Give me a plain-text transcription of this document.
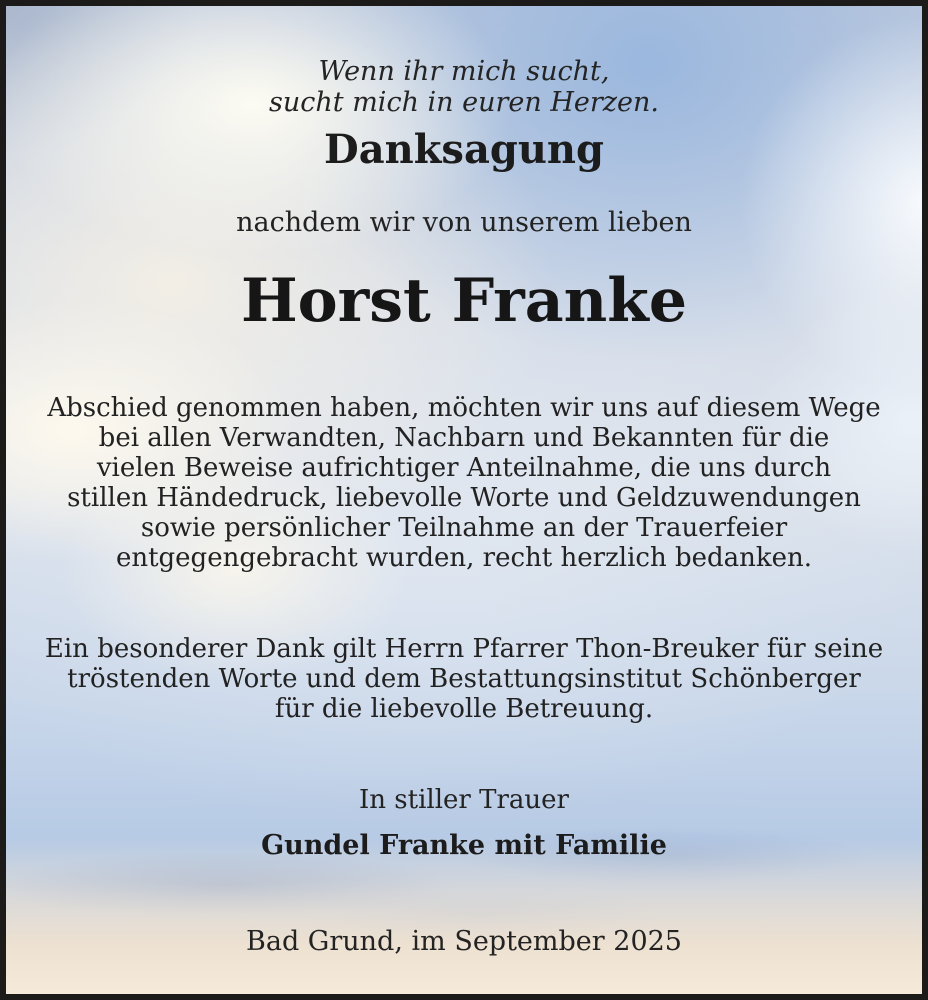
Wenn ihr mich sucht,
sucht mich in euren Herzen.
Danksagung
nachdem wir von unserem lieben
Horst Franke
Abschied genommen haben, möchten wir uns auf diesem Wege
bei allen Verwandten, Nachbarn und Bekannten für die
vielen Beweise aufrichtiger Anteilnahme, die uns durch
stillen Händedruck, liebevolle Worte und Geldzuwendungen
sowie persönlicher Teilnahme an der Trauerfeier
entgegengebracht wurden, recht herzlich bedanken.
Ein besonderer Dank gilt Herrn Pfarrer Thon-Breuker für seine
tröstenden Worte und dem Bestattungsinstitut Schönberger
für die liebevolle Betreuung.
In stiller Trauer
Gundel Franke mit Familie
Bad Grund, im September 2025
